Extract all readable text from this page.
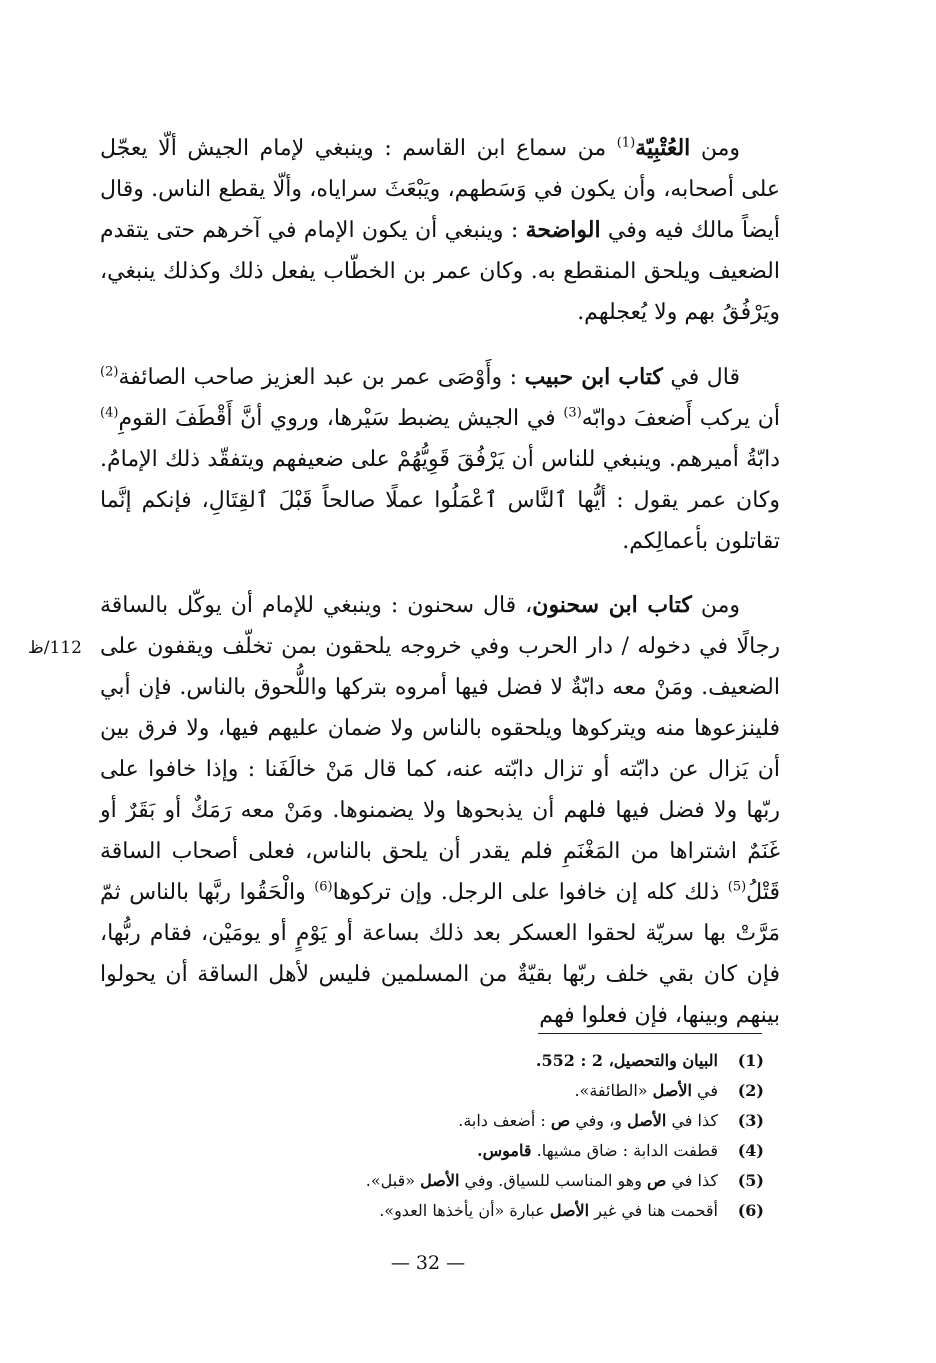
ومن العُتْبِيّة$^{(1)}$ من سماع ابن القاسم : وينبغي لإمام الجيش ألّا يعجّل على أصحابه، وأن يكون في وَسَطهم، ويَبْعَثَ سراياه، وألّا يقطع الناس. وقال أيضاً مالك فيه وفي الواضحة : وينبغي أن يكون الإمام في آخرهم حتى يتقدم الضعيف ويلحق المنقطع به. وكان عمر بن الخطّاب يفعل ذلك وكذلك ينبغي، ويَرْفُقُ بهم ولا يُعجلهم.

قال في كتاب ابن حبيب : وأَوْصَى عمر بن عبد العزيز صاحب الصائفة$^{(2)}$ أن يركب أَضعفَ دوابّه$^{(3)}$ في الجيش يضبط سَيْرها، وروي أنَّ أَقْطَفَ القومِ$^{(4)}$ دابّةُ أميرهم. وينبغي للناس أن يَرْفُقَ قَوِيُّهُمْ على ضعيفهم ويتفقّد ذلك الإمامُ. وكان عمر يقول : أيُّها ٱلنَّاس ٱعْمَلُوا عملًا صالحاً قَبْلَ ٱلقِتَالِ، فإنكم إنَّما تقاتلون بأعمالِكم.

ومن كتاب ابن سحنون، قال سحنون : وينبغي للإمام أن يوكّل بالساقة رجالًا في دخوله / دار الحرب وفي خروجه يلحقون بمن تخلّف ويقفون على الضعيف. ومَنْ معه دابّةٌ لا فضل فيها أمروه بتركها واللُّحوق بالناس. فإن أبي فلينزعوها منه ويتركوها ويلحقوه بالناس ولا ضمان عليهم فيها، ولا فرق بين أن يَزال عن دابّته أو تزال دابّته عنه، كما قال مَنْ خالَفَنا : وإذا خافوا على ربّها ولا فضل فيها فلهم أن يذبحوها ولا يضمنوها. ومَنْ معه رَمَكٌ أو بَقَرٌ أو غَنَمٌ اشتراها من المَغْنَمِ فلم يقدر أن يلحق بالناس، فعلى أصحاب الساقة قَتْلُ$^{(5)}$ ذلك كله إن خافوا على الرجل. وإن تركوها$^{(6)}$ والْحَقُوا ربَّها بالناس ثمّ مَرَّتْ بها سريّة لحقوا العسكر بعد ذلك بساعة أو يَوْمٍ أو يومَيْن، فقام ربُّها، فإن كان بقي خلف ربّها بقيّةٌ من المسلمين فليس لأهل الساقة أن يحولوا بينهم وبينها، فإن فعلوا فهم

112/ظ
(1)
البيان والتحصيل، 2 : 552.
(2)
في الأصل «الطائفة».
(3)
كذا في الأصل و، وفي ص : أضعف دابة.
(4)
قطفت الدابة : ضاق مشيها. قاموس.
(5)
كذا في ص وهو المناسب للسياق. وفي الأصل «قبل».
(6)
أقحمت هنا في غير الأصل عبارة «أن يأخذها العدو».
— 32 —
